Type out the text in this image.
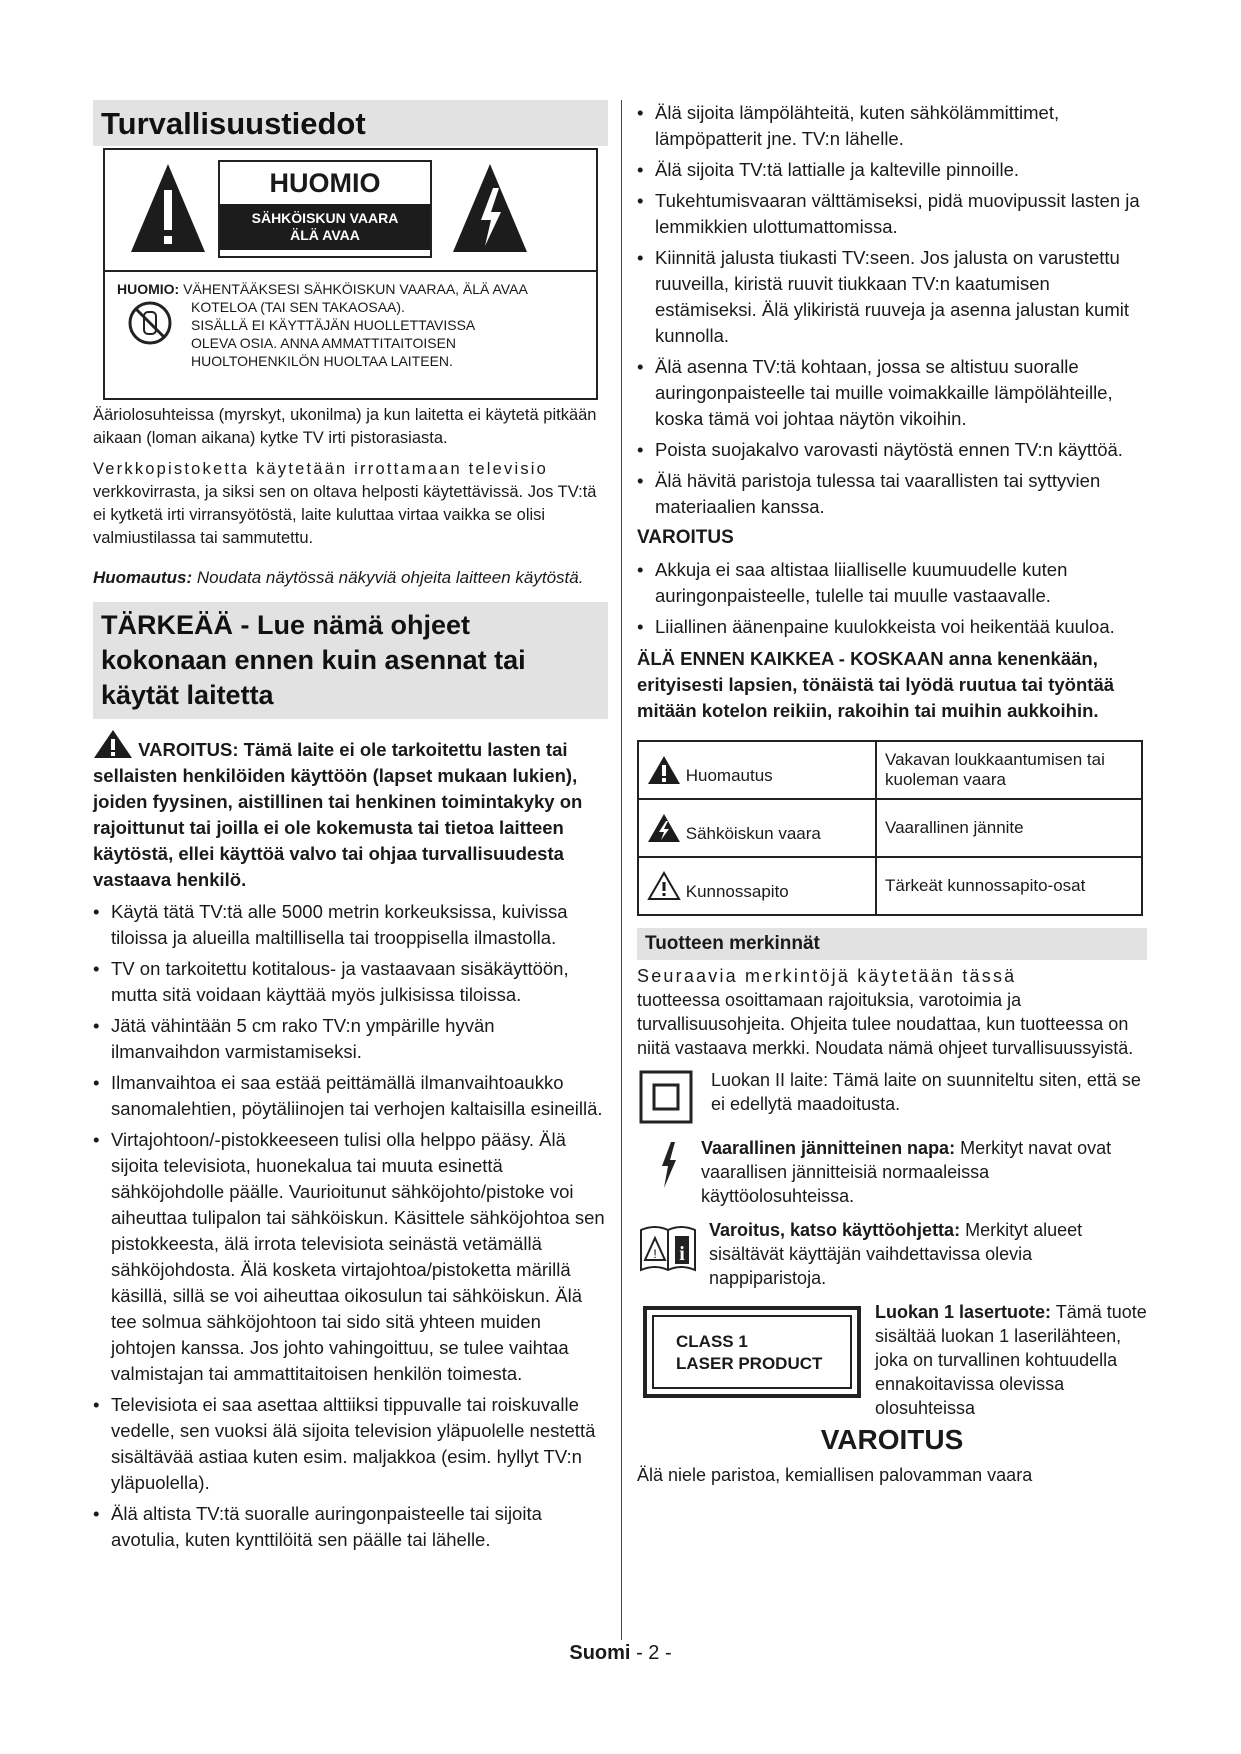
Turvallisuustiedot
HUOMIO
SÄHKÖISKUN VAARA
ÄLÄ AVAA
HUOMIO: VÄHENTÄÄKSESI SÄHKÖISKUN VAARAA, ÄLÄ AVAA
KOTELOA (TAI SEN TAKAOSAA).
SISÄLLÄ EI KÄYTTÄJÄN HUOLLETTAVISSA
OLEVA OSIA. ANNA AMMATTITAITOISEN
HUOLTOHENKILÖN HUOLTAA LAITEEN.

Ääriolosuhteissa (myrskyt, ukonilma) ja kun laitetta ei käytetä pitkään aikaan (loman aikana) kytke TV irti pistorasiasta.

Verkkopistoketta käytetään irrottamaan televisio

verkkovirrasta, ja siksi sen on oltava helposti käytettävissä. Jos TV:tä ei kytketä irti virransyötöstä, laite kuluttaa virtaa vaikka se olisi valmiustilassa tai sammutettu.

Huomautus: Noudata näytössä näkyviä ohjeita laitteen käytöstä.
TÄRKEÄÄ - Lue nämä ohjeet kokonaan ennen kuin asennat tai käytät laitetta
VAROITUS: Tämä laite ei ole tarkoitettu lasten tai sellaisten henkilöiden käyttöön (lapset mukaan lukien), joiden fyysinen, aistillinen tai henkinen toimintakyky on rajoittunut tai joilla ei ole kokemusta tai tietoa laitteen käytöstä, ellei käyttöä valvo tai ohjaa turvallisuudesta vastaava henkilö.
• Käytä tätä TV:tä alle 5000 metrin korkeuksissa, kuivissa tiloissa ja alueilla maltillisella tai trooppisella ilmastolla.
• TV on tarkoitettu kotitalous- ja vastaavaan sisäkäyttöön, mutta sitä voidaan käyttää myös julkisissa tiloissa.
• Jätä vähintään 5 cm rako TV:n ympärille hyvän ilmanvaihdon varmistamiseksi.
• Ilmanvaihtoa ei saa estää peittämällä ilmanvaihtoaukko sanomalehtien, pöytäliinojen tai verhojen kaltaisilla esineillä.
• Virtajohtoon/-pistokkeeseen tulisi olla helppo pääsy. Älä sijoita televisiota, huonekalua tai muuta esinettä sähköjohdolle päälle. Vaurioitunut sähköjohto/pistoke voi aiheuttaa tulipalon tai sähköiskun. Käsittele sähköjohtoa sen pistokkeesta, älä irrota televisiota seinästä vetämällä sähköjohdosta. Älä kosketa virtajohtoa/pistoketta märillä käsillä, sillä se voi aiheuttaa oikosulun tai sähköiskun. Älä tee solmua sähköjohtoon tai sido sitä yhteen muiden johtojen kanssa. Jos johto vahingoittuu, se tulee vaihtaa valmistajan tai ammattitaitoisen henkilön toimesta.
• Televisiota ei saa asettaa alttiiksi tippuvalle tai roiskuvalle vedelle, sen vuoksi älä sijoita television yläpuolelle nestettä sisältävää astiaa kuten esim. maljakkoa (esim. hyllyt TV:n yläpuolella).
• Älä altista TV:tä suoralle auringonpaisteelle tai sijoita avotulia, kuten kynttilöitä sen päälle tai lähelle.
• Älä sijoita lämpölähteitä, kuten sähkölämmittimet, lämpöpatterit jne. TV:n lähelle.
• Älä sijoita TV:tä lattialle ja kalteville pinnoille.
• Tukehtumisvaaran välttämiseksi, pidä muovipussit lasten ja lemmikkien ulottumattomissa.
• Kiinnitä jalusta tiukasti TV:seen. Jos jalusta on varustettu ruuveilla, kiristä ruuvit tiukkaan TV:n kaatumisen estämiseksi. Älä ylikiristä ruuveja ja asenna jalustan kumit kunnolla.
• Älä asenna TV:tä kohtaan, jossa se altistuu suoralle auringonpaisteelle tai muille voimakkaille lämpölähteille, koska tämä voi johtaa näytön vikoihin.
• Poista suojakalvo varovasti näytöstä ennen TV:n käyttöä.
• Älä hävitä paristoja tulessa tai vaarallisten tai syttyvien materiaalien kanssa.
VAROITUS
• Akkuja ei saa altistaa liialliselle kuumuudelle kuten auringonpaisteelle, tulelle tai muulle vastaavalle.
• Liiallinen äänenpaine kuulokkeista voi heikentää kuuloa.
ÄLÄ ENNEN KAIKKEA - KOSKAAN anna kenenkään, erityisesti lapsien, tönäistä tai lyödä ruutua tai työntää mitään kotelon reikiin, rakoihin tai muihin aukkoihin.
Huomautus	Vakavan loukkaantumisen tai kuoleman vaara
Sähköiskun vaara	Vaarallinen jännite
Kunnossapito	Tärkeät kunnossapito-osat
Tuotteen merkinnät

Seuraavia merkintöjä käytetään tässä

tuotteessa osoittamaan rajoituksia, varotoimia ja turvallisuusohjeita. Ohjeita tulee noudattaa, kun tuotteessa on niitä vastaava merkki. Noudata nämä ohjeet turvallisuussyistä.

Luokan II laite: Tämä laite on suunniteltu siten, että se ei edellytä maadoitusta.
Vaarallinen jännitteinen napa: Merkityt navat ovat vaarallisen jännitteisiä normaaleissa käyttöolosuhteissa.
! i
Varoitus, katso käyttöohjetta: Merkityt alueet sisältävät käyttäjän vaihdettavissa olevia nappiparistoja.
CLASS 1
LASER PRODUCT
Luokan 1 lasertuote: Tämä tuote sisältää luokan 1 laserilähteen, joka on turvallinen kohtuudella ennakoitavissa olevissa olosuhteissa
VAROITUS

Älä niele paristoa, kemiallisen palovamman vaara

Suomi - 2 -
